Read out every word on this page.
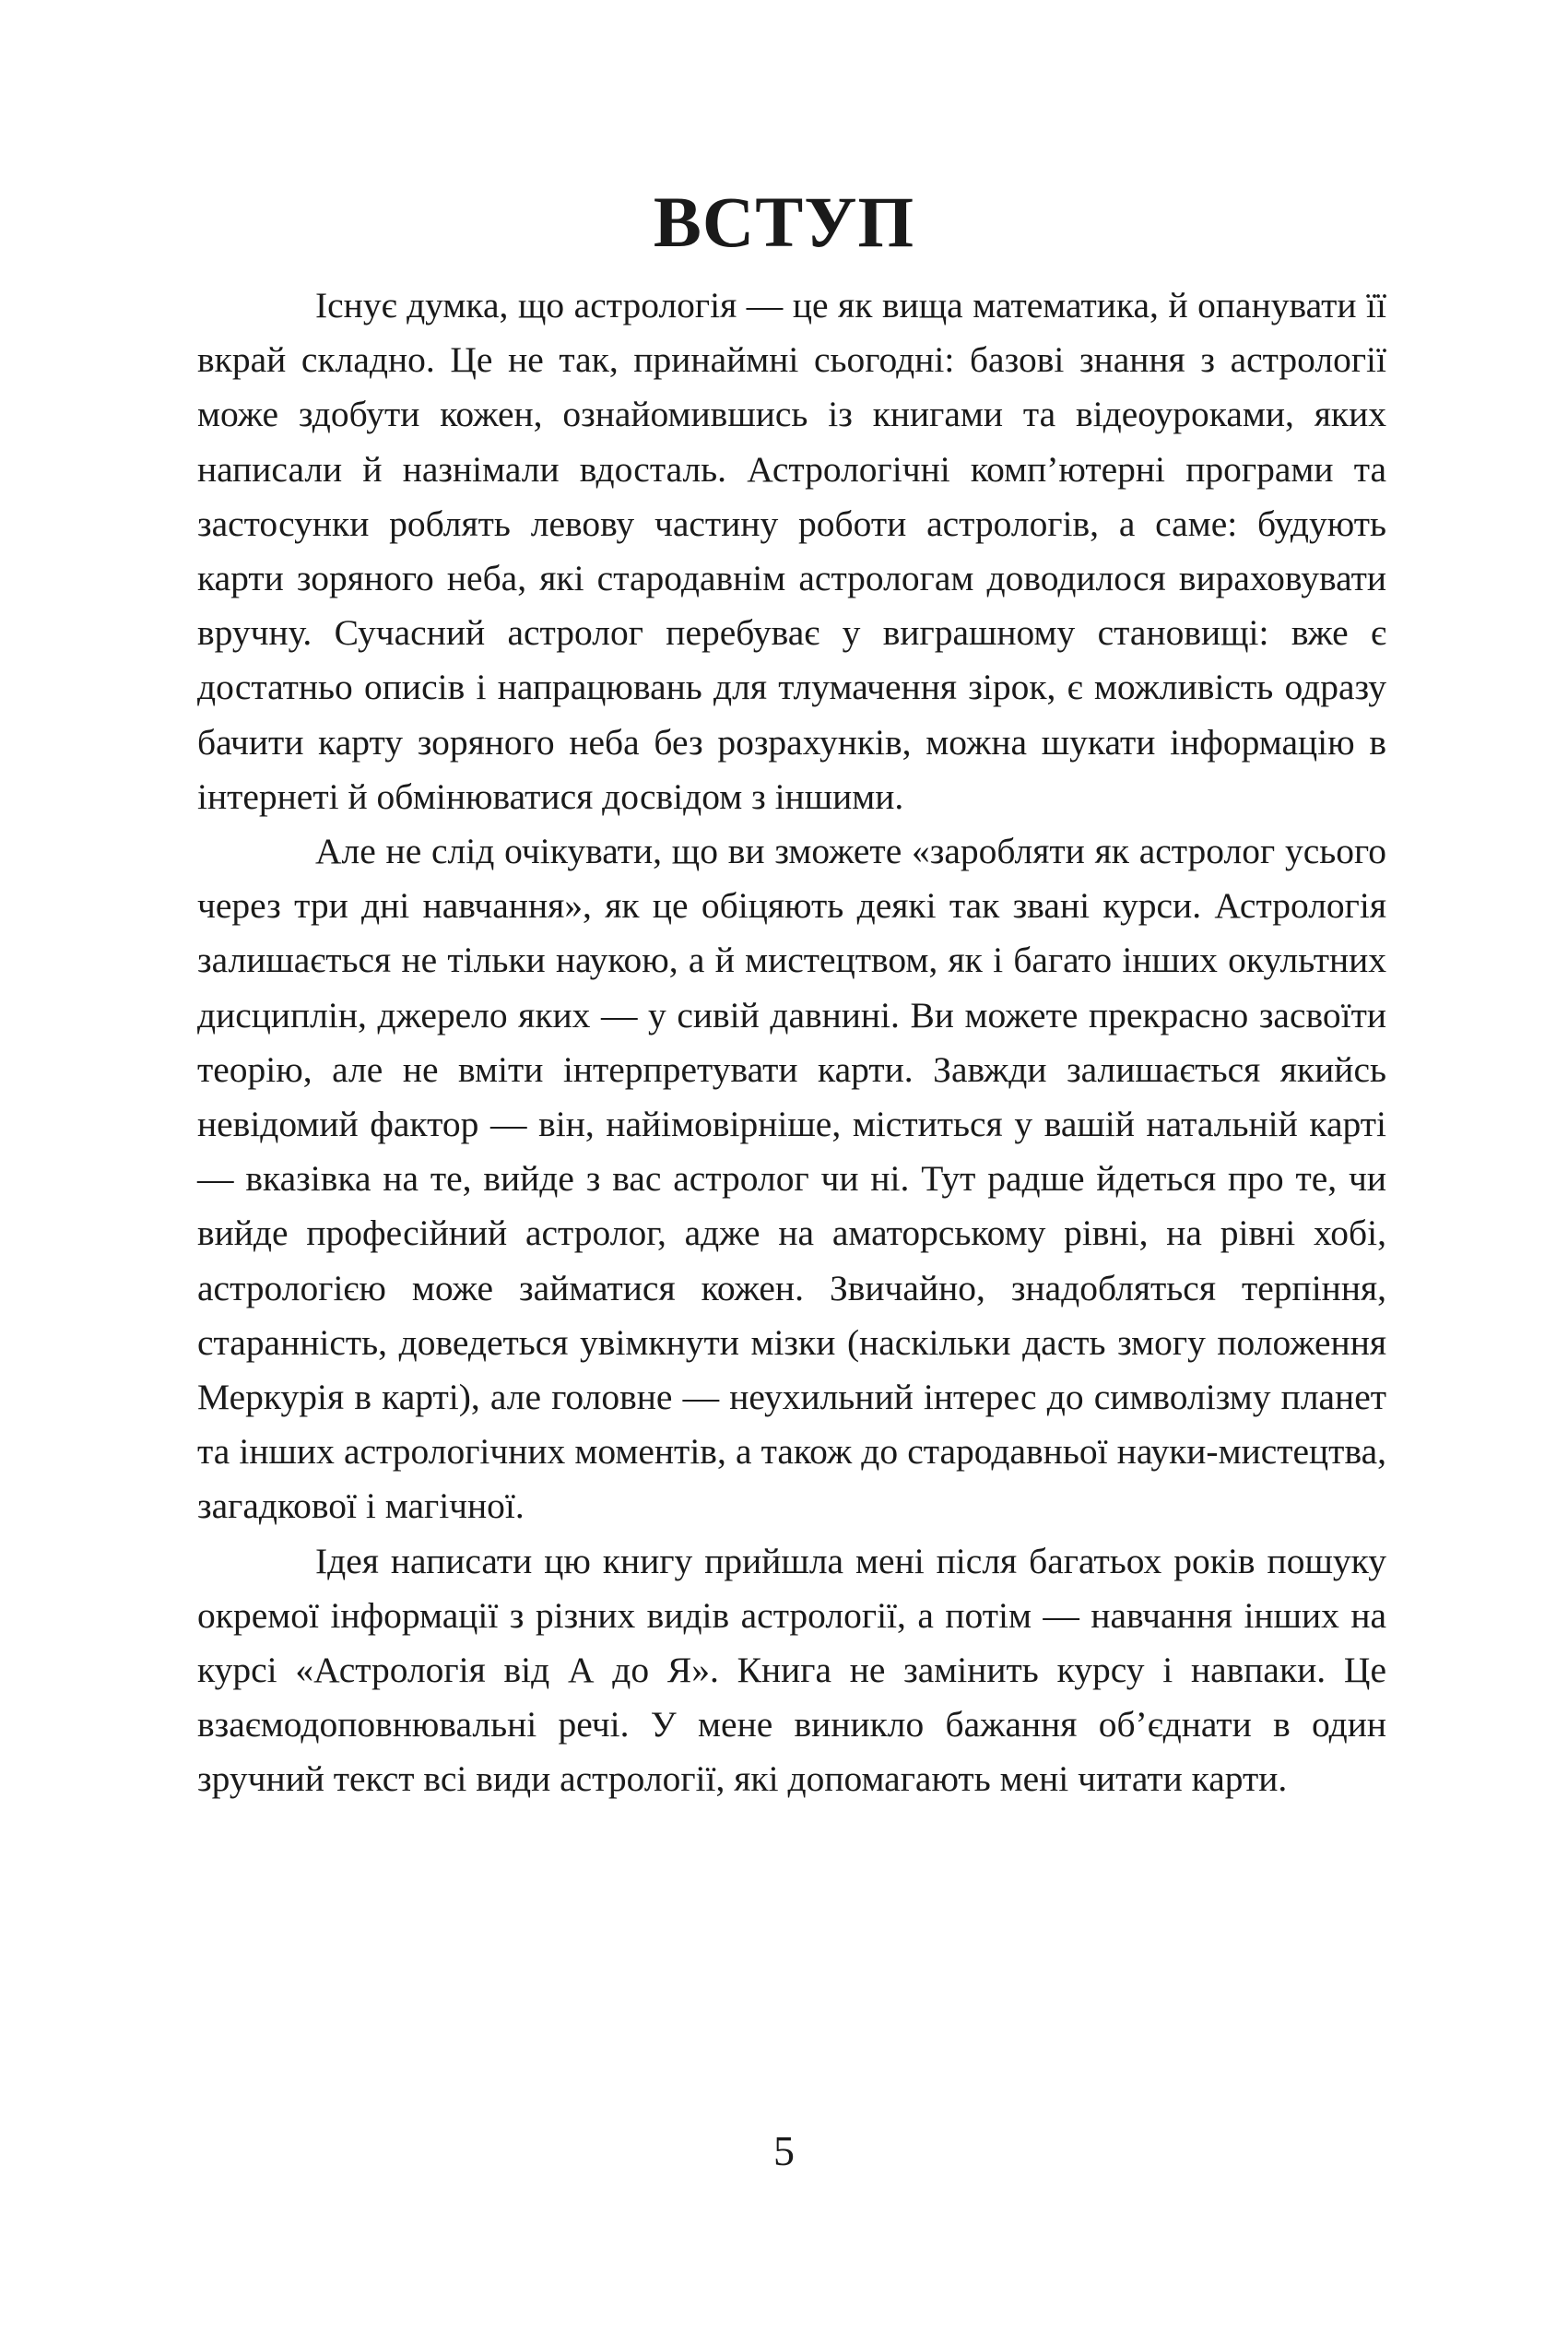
ВСТУП

Існує думка, що астрологія — це як вища математика, й опанувати її вкрай складно. Це не так, принаймні сьогодні: базові знання з астрології може здобути кожен, ознайомившись із книгами та відеоуроками, яких написали й назнімали вдосталь. Астрологічні комп’ютерні програми та застосунки роблять левову частину роботи астрологів, а саме: будують карти зоряного неба, які стародавнім астрологам доводилося вираховувати вручну. Сучасний астролог перебуває у виграшному становищі: вже є достатньо описів і напрацювань для тлумачення зірок, є можливість одразу бачити карту зоряного неба без розрахунків, можна шукати інформацію в інтернеті й обмінюватися досвідом з іншими.

Але не слід очікувати, що ви зможете «заробляти як астролог усього через три дні навчання», як це обіцяють деякі так звані курси. Астрологія залишається не тільки наукою, а й мистецтвом, як і багато інших окультних дисциплін, джерело яких — у сивій давнині. Ви можете прекрасно засвоїти теорію, але не вміти інтерпретувати карти. Завжди залишається якийсь невідомий фактор — він, найімовірніше, міститься у вашій натальній карті — вказівка на те, вийде з вас астролог чи ні. Тут радше йдеться про те, чи вийде професійний астролог, адже на аматорському рівні, на рівні хобі, астрологією може займатися кожен. Звичайно, знадобляться терпіння, старанність, доведеться увімкнути мізки (наскільки дасть змогу положення Меркурія в карті), але головне — неухильний інтерес до символізму планет та інших астрологічних моментів, а також до стародавньої науки-мистецтва, загадкової і магічної.

Ідея написати цю книгу прийшла мені після багатьох років пошуку окремої інформації з різних видів астрології, а потім — навчання інших на курсі «Астрологія від А до Я». Книга не замінить курсу і навпаки. Це взаємодоповнювальні речі. У мене виникло бажання об’єднати в один зручний текст всі види астрології, які допомагають мені читати карти.

5
